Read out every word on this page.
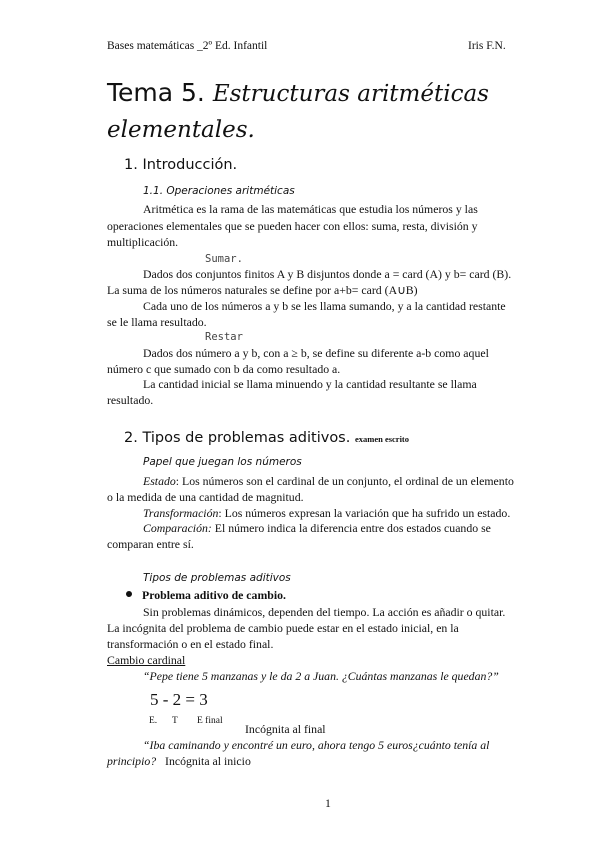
Bases matemáticas _2º Ed. Infantil	Iris F.N.
Tema 5. Estructuras aritméticas
elementales.
1. Introducción.
1.1. Operaciones aritméticas
Aritmética es la rama de las matemáticas que estudia los números y las
operaciones elementales que se pueden hacer con ellos: suma, resta, división y
multiplicación.
Sumar.
Dados dos conjuntos finitos A y B disjuntos donde a = card (A) y b= card (B).
La suma de los números naturales se define por a+b= card (A∪B)
Cada uno de los números a y b se les llama sumando, y a la cantidad restante
se le llama resultado.
Restar
Dados dos número a y b, con a ≥ b, se define su diferente a-b como aquel
número c que sumado con b da como resultado a.
La cantidad inicial se llama minuendo y la cantidad resultante se llama
resultado.
2. Tipos de problemas aditivos. examen escrito
Papel que juegan los números
Estado: Los números son el cardinal de un conjunto, el ordinal de un elemento
o la medida de una cantidad de magnitud.
Transformación: Los números expresan la variación que ha sufrido un estado.
Comparación: El número indica la diferencia entre dos estados cuando se
comparan entre sí.
Tipos de problemas aditivos
Problema aditivo de cambio.
Sin problemas dinámicos, dependen del tiempo. La acción es añadir o quitar.
La incógnita del problema de cambio puede estar en el estado inicial, en la
transformación o en el estado final.
Cambio cardinal
“Pepe tiene 5 manzanas y le da 2 a Juan. ¿Cuántas manzanas le quedan?”
5 - 2 = 3
E. T E final
Incógnita al final
“Iba caminando y encontré un euro, ahora tengo 5 euros¿cuánto tenía al
principio? Incógnita al inicio
1
